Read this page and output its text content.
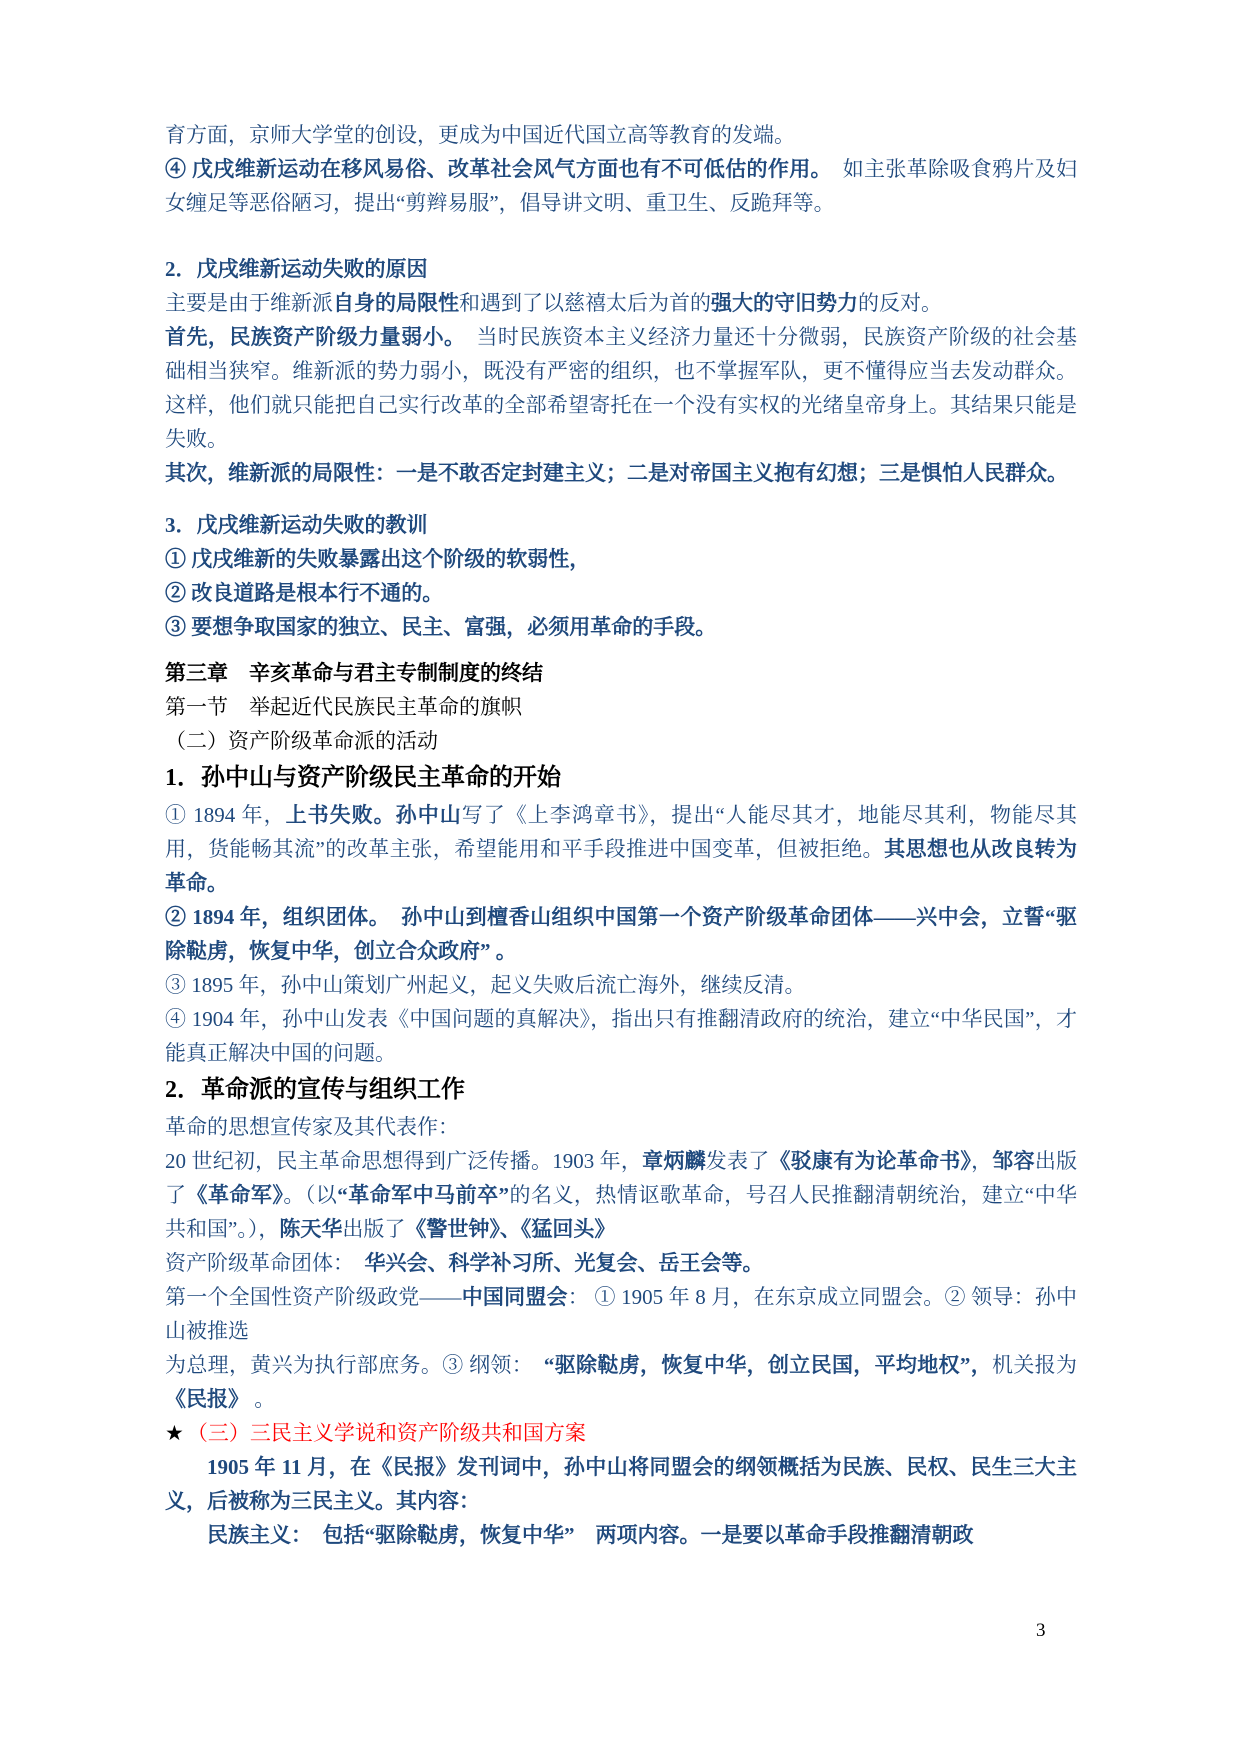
育方面，京师大学堂的创设，更成为中国近代国立高等教育的发端。

④ 戊戌维新运动在移风易俗、改革社会风气方面也有不可低估的作用。　如主张革除吸食鸦片及妇女缠足等恶俗陋习，提出“剪辫易服”，倡导讲文明、重卫生、反跪拜等。

2．戊戌维新运动失败的原因

主要是由于维新派自身的局限性和遇到了以慈禧太后为首的强大的守旧势力的反对。

首先，民族资产阶级力量弱小。　当时民族资本主义经济力量还十分微弱，民族资产阶级的社会基础相当狭窄。维新派的势力弱小，既没有严密的组织，也不掌握军队，更不懂得应当去发动群众。这样，他们就只能把自己实行改革的全部希望寄托在一个没有实权的光绪皇帝身上。其结果只能是失败。

其次，维新派的局限性：一是不敢否定封建主义；二是对帝国主义抱有幻想；三是惧怕人民群众。

3．戊戌维新运动失败的教训

① 戊戌维新的失败暴露出这个阶级的软弱性，

② 改良道路是根本行不通的。

③ 要想争取国家的独立、民主、富强，必须用革命的手段。

第三章　辛亥革命与君主专制制度的终结

第一节　举起近代民族民主革命的旗帜

（二）资产阶级革命派的活动

1．孙中山与资产阶级民主革命的开始

① 1894 年，上书失败。孙中山写了《上李鸿章书》，提出“人能尽其才，地能尽其利，物能尽其用，货能畅其流”的改革主张，希望能用和平手段推进中国变革，但被拒绝。其思想也从改良转为革命。

② 1894 年，组织团体。　孙中山到檀香山组织中国第一个资产阶级革命团体——兴中会，立誓“驱除鞑虏，恢复中华，创立合众政府” 。

③ 1895 年，孙中山策划广州起义，起义失败后流亡海外，继续反清。

④ 1904 年，孙中山发表《中国问题的真解决》，指出只有推翻清政府的统治，建立“中华民国”，才能真正解决中国的问题。

2．革命派的宣传与组织工作

革命的思想宣传家及其代表作：

20 世纪初，民主革命思想得到广泛传播。1903 年，章炳麟发表了《驳康有为论革命书》，邹容出版了《革命军》。（以“革命军中马前卒”的名义，热情讴歌革命，号召人民推翻清朝统治，建立“中华共和国”。），陈天华出版了《警世钟》、《猛回头》

资产阶级革命团体：　华兴会、科学补习所、光复会、岳王会等。

第一个全国性资产阶级政党——中国同盟会： ① 1905 年 8 月，在东京成立同盟会。② 领导：孙中山被推选

为总理，黄兴为执行部庶务。③ 纲领：　“驱除鞑虏，恢复中华，创立民国，平均地权”，机关报为《民报》 。

★ （三）三民主义学说和资产阶级共和国方案

1905 年 11 月，在《民报》发刊词中，孙中山将同盟会的纲领概括为民族、民权、民生三大主义，后被称为三民主义。其内容：

民族主义：　包括“驱除鞑虏，恢复中华”　两项内容。一是要以革命手段推翻清朝政

3
